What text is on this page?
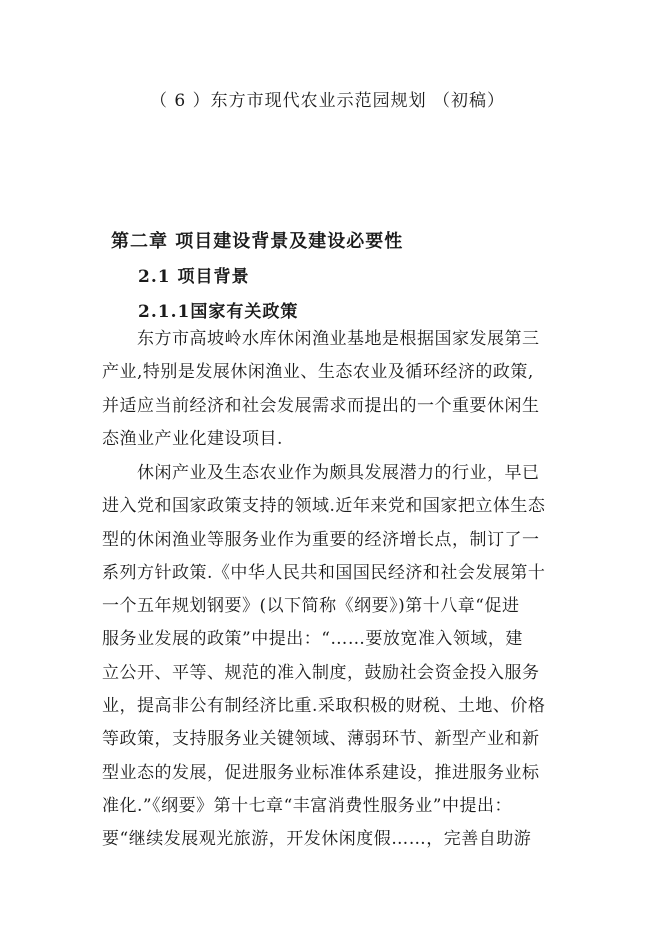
（ 6 ）东方市现代农业示范园规划 （初稿）
第二章 项目建设背景及建设必要性
2.1 项目背景
2.1.1国家有关政策
　　东方市高坡岭水库休闲渔业基地是根据国家发展第三
产业,特别是发展休闲渔业、生态农业及循环经济的政策,
并适应当前经济和社会发展需求而提出的一个重要休闲生
态渔业产业化建设项目.
　　休闲产业及生态农业作为颇具发展潜力的行业，早已
进入党和国家政策支持的领域.近年来党和国家把立体生态
型的休闲渔业等服务业作为重要的经济增长点，制订了一
系列方针政策.《中华人民共和国国民经济和社会发展第十
一个五年规划钢要》(以下简称《纲要》)第十八章“促进
服务业发展的政策”中提出：“……要放宽准入领域，建
立公开、平等、规范的准入制度，鼓励社会资金投入服务
业，提高非公有制经济比重.采取积极的财税、土地、价格
等政策，支持服务业关键领域、薄弱环节、新型产业和新
型业态的发展，促进服务业标准体系建设，推进服务业标
准化.”《纲要》第十七章“丰富消费性服务业”中提出：
要“继续发展观光旅游，开发休闲度假……，完善自助游
